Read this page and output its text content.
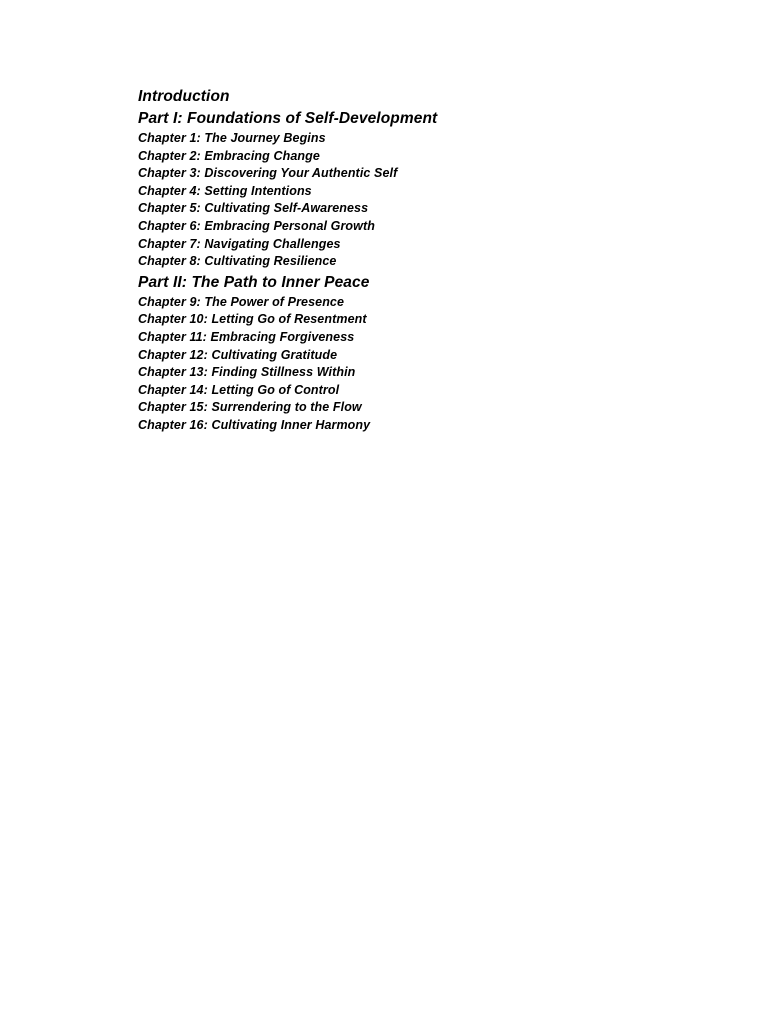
Introduction
Part I: Foundations of Self-Development
Chapter 1: The Journey Begins
Chapter 2: Embracing Change
Chapter 3: Discovering Your Authentic Self
Chapter 4: Setting Intentions
Chapter 5: Cultivating Self-Awareness
Chapter 6: Embracing Personal Growth
Chapter 7: Navigating Challenges
Chapter 8: Cultivating Resilience
Part II: The Path to Inner Peace
Chapter 9: The Power of Presence
Chapter 10: Letting Go of Resentment
Chapter 11: Embracing Forgiveness
Chapter 12: Cultivating Gratitude
Chapter 13: Finding Stillness Within
Chapter 14: Letting Go of Control
Chapter 15: Surrendering to the Flow
Chapter 16: Cultivating Inner Harmony
